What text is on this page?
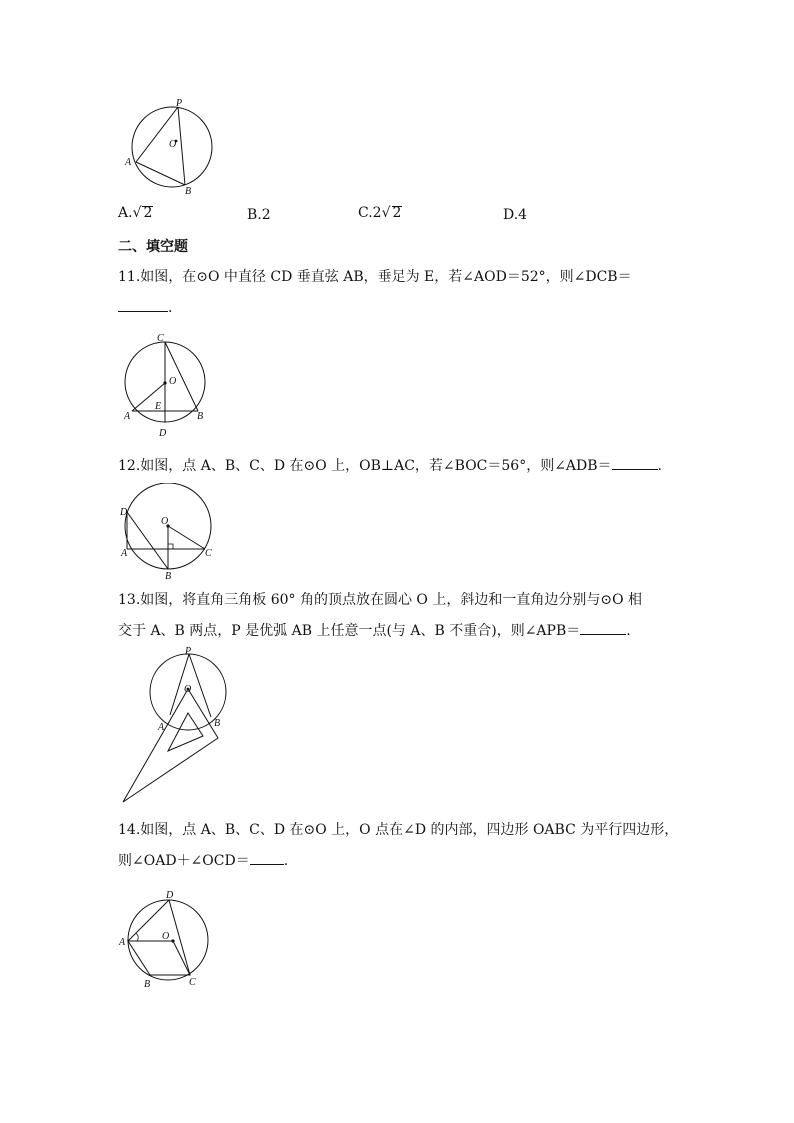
P
O
A
B
A.√ 2	B.2	C.2√ 2	D.4
二、填空题
11.如图，在⊙O 中直径 CD 垂直弦 AB，垂足为 E，若∠AOD＝52°，则∠DCB＝
.
C
O
A
E
B
D
12.如图，点 A、B、C、D 在⊙O 上，OB⊥AC，若∠BOC＝56°，则∠ADB＝	.
D
O
A	C
B
13.如图，将直角三角板 60° 角的顶点放在圆心 O 上，斜边和一直角边分别与⊙O 相
交于 A、B 两点，P 是优弧 AB 上任意一点(与 A、B 不重合)，则∠APB＝	.
P
O
A	B
14.如图，点 A、B、C、D 在⊙O 上，O 点在∠D 的内部，四边形 OABC 为平行四边形，
则∠OAD＋∠OCD＝ .
D
O
A
B	C
